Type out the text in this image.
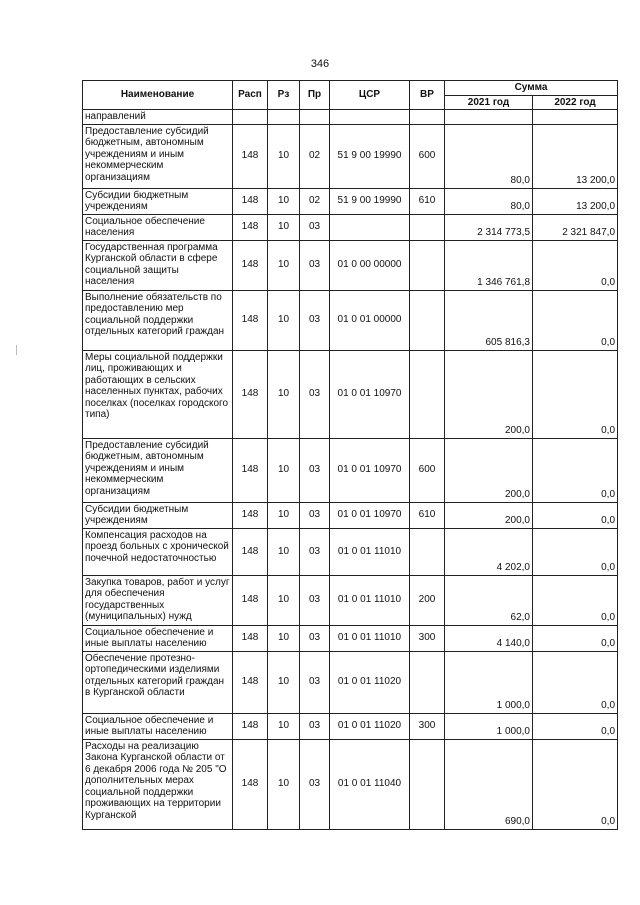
346
Наименование	Расп	Рз	Пр	ЦСР	ВР	Сумма	
						2021 год	2022 год
направлений							
Предоставление субсидий бюджетным, автономным учреждениям и иным некоммерческим организациям	148	10	02	51 9 00 19990	600	80,0	13 200,0
Субсидии бюджетным учреждениям	148	10	02	51 9 00 19990	610	80,0	13 200,0
Социальное обеспечение населения	148	10	03			2 314 773,5	2 321 847,0
Государственная программа Курганской области в сфере социальной защиты населения	148	10	03	01 0 00 00000		1 346 761,8	0,0
Выполнение обязательств по предоставлению мер социальной поддержки отдельных категорий граждан	148	10	03	01 0 01 00000		605 816,3	0,0
Меры социальной поддержки лиц, проживающих и работающих в сельских населенных пунктах, рабочих поселках (поселках городского типа)	148	10	03	01 0 01 10970		200,0	0,0
Предоставление субсидий бюджетным, автономным учреждениям и иным некоммерческим организациям	148	10	03	01 0 01 10970	600	200,0	0,0
Субсидии бюджетным учреждениям	148	10	03	01 0 01 10970	610	200,0	0,0
Компенсация расходов на проезд больных с хронической почечной недостаточностью	148	10	03	01 0 01 11010		4 202,0	0,0
Закупка товаров, работ и услуг для обеспечения государственных (муниципальных) нужд	148	10	03	01 0 01 11010	200	62,0	0,0
Социальное обеспечение и иные выплаты населению	148	10	03	01 0 01 11010	300	4 140,0	0,0
Обеспечение протезно-ортопедическими изделиями отдельных категорий граждан в Курганской области	148	10	03	01 0 01 11020		1 000,0	0,0
Социальное обеспечение и иные выплаты населению	148	10	03	01 0 01 11020	300	1 000,0	0,0
Расходы на реализацию Закона Курганской области от 6 декабря 2006 года № 205 "О дополнительных мерах социальной поддержки проживающих на территории Курганской	148	10	03	01 0 01 11040		690,0	0,0
